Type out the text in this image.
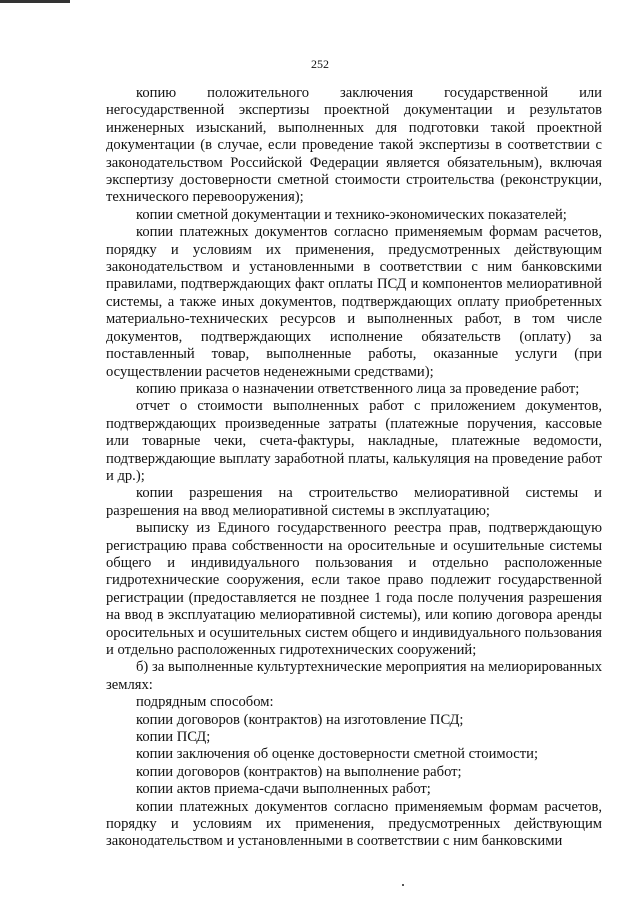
252

копию положительного заключения государственной или негосударственной экспертизы проектной документации и результатов инженерных изысканий, выполненных для подготовки такой проектной документации (в случае, если проведение такой экспертизы в соответствии с законодательством Российской Федерации является обязательным), включая экспертизу достоверности сметной стоимости строительства (реконструкции, технического перевооружения);

копии сметной документации и технико-экономических показателей;

копии платежных документов согласно применяемым формам расчетов, порядку и условиям их применения, предусмотренных действующим законодательством и установленными в соответствии с ним банковскими правилами, подтверждающих факт оплаты ПСД и компонентов мелиоративной системы, а также иных документов, подтверждающих оплату приобретенных материально-технических ресурсов и выполненных работ, в том числе документов, подтверждающих исполнение обязательств (оплату) за поставленный товар, выполненные работы, оказанные услуги (при осуществлении расчетов неденежными средствами);

копию приказа о назначении ответственного лица за проведение работ;

отчет о стоимости выполненных работ с приложением документов, подтверждающих произведенные затраты (платежные поручения, кассовые или товарные чеки, счета-фактуры, накладные, платежные ведомости, подтверждающие выплату заработной платы, калькуляция на проведение работ и др.);

копии разрешения на строительство мелиоративной системы и разрешения на ввод мелиоративной системы в эксплуатацию;

выписку из Единого государственного реестра прав, подтверждающую регистрацию права собственности на оросительные и осушительные системы общего и индивидуального пользования и отдельно расположенные гидротехнические сооружения, если такое право подлежит государственной регистрации (предоставляется не позднее 1 года после получения разрешения на ввод в эксплуатацию мелиоративной системы), или копию договора аренды оросительных и осушительных систем общего и индивидуального пользования и отдельно расположенных гидротехнических сооружений;

б) за выполненные культуртехнические мероприятия на мелиорированных землях:

подрядным способом:

копии договоров (контрактов) на изготовление ПСД;

копии ПСД;

копии заключения об оценке достоверности сметной стоимости;

копии договоров (контрактов) на выполнение работ;

копии актов приема-сдачи выполненных работ;

копии платежных документов согласно применяемым формам расчетов, порядку и условиям их применения, предусмотренных действующим законодательством и установленными в соответствии с ним банковскими
